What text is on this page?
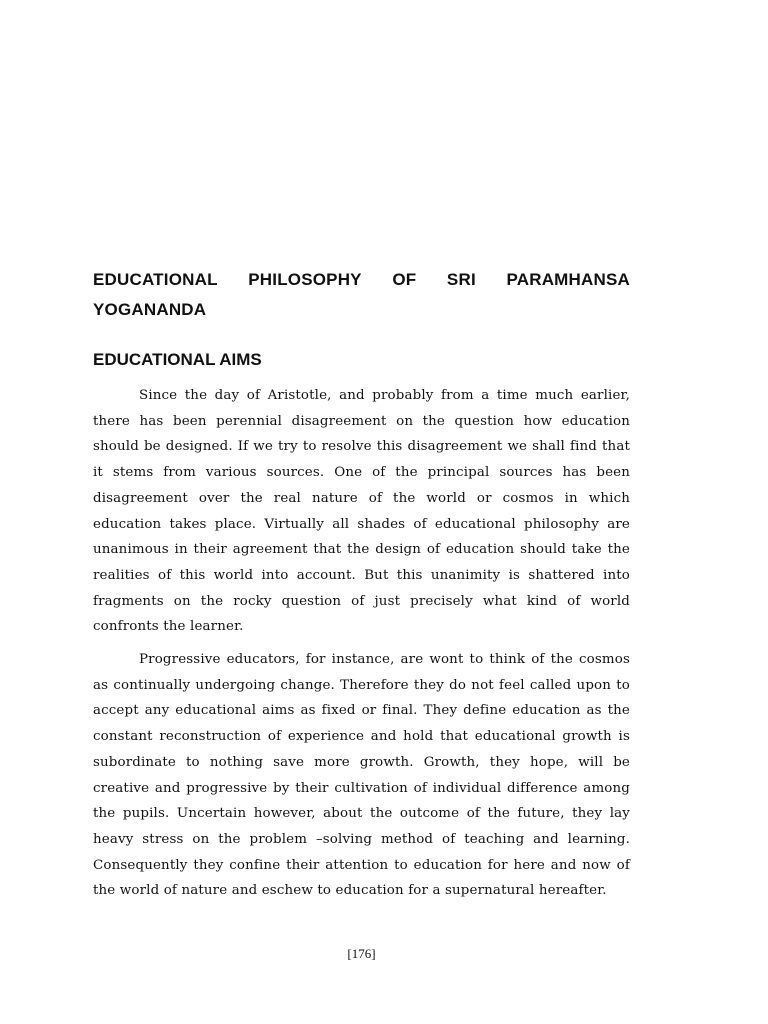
EDUCATIONAL PHILOSOPHY OF SRI PARAMHANSA
YOGANANDA
EDUCATIONAL AIMS

Since the day of Aristotle, and probably from a time much earlier, there has been perennial disagreement on the question how education should be designed. If we try to resolve this disagreement we shall find that it stems from various sources. One of the principal sources has been disagreement over the real nature of the world or cosmos in which education takes place. Virtually all shades of educational philosophy are unanimous in their agreement that the design of education should take the realities of this world into account. But this unanimity is shattered into fragments on the rocky question of just precisely what kind of world confronts the learner.

Progressive educators, for instance, are wont to think of the cosmos as continually undergoing change. Therefore they do not feel called upon to accept any educational aims as fixed or final. They define education as the constant reconstruction of experience and hold that educational growth is subordinate to nothing save more growth. Growth, they hope, will be creative and progressive by their cultivation of individual difference among the pupils. Uncertain however, about the outcome of the future, they lay heavy stress on the problem –solving method of teaching and learning. Consequently they confine their attention to education for here and now of the world of nature and eschew to education for a supernatural hereafter.

[176]
